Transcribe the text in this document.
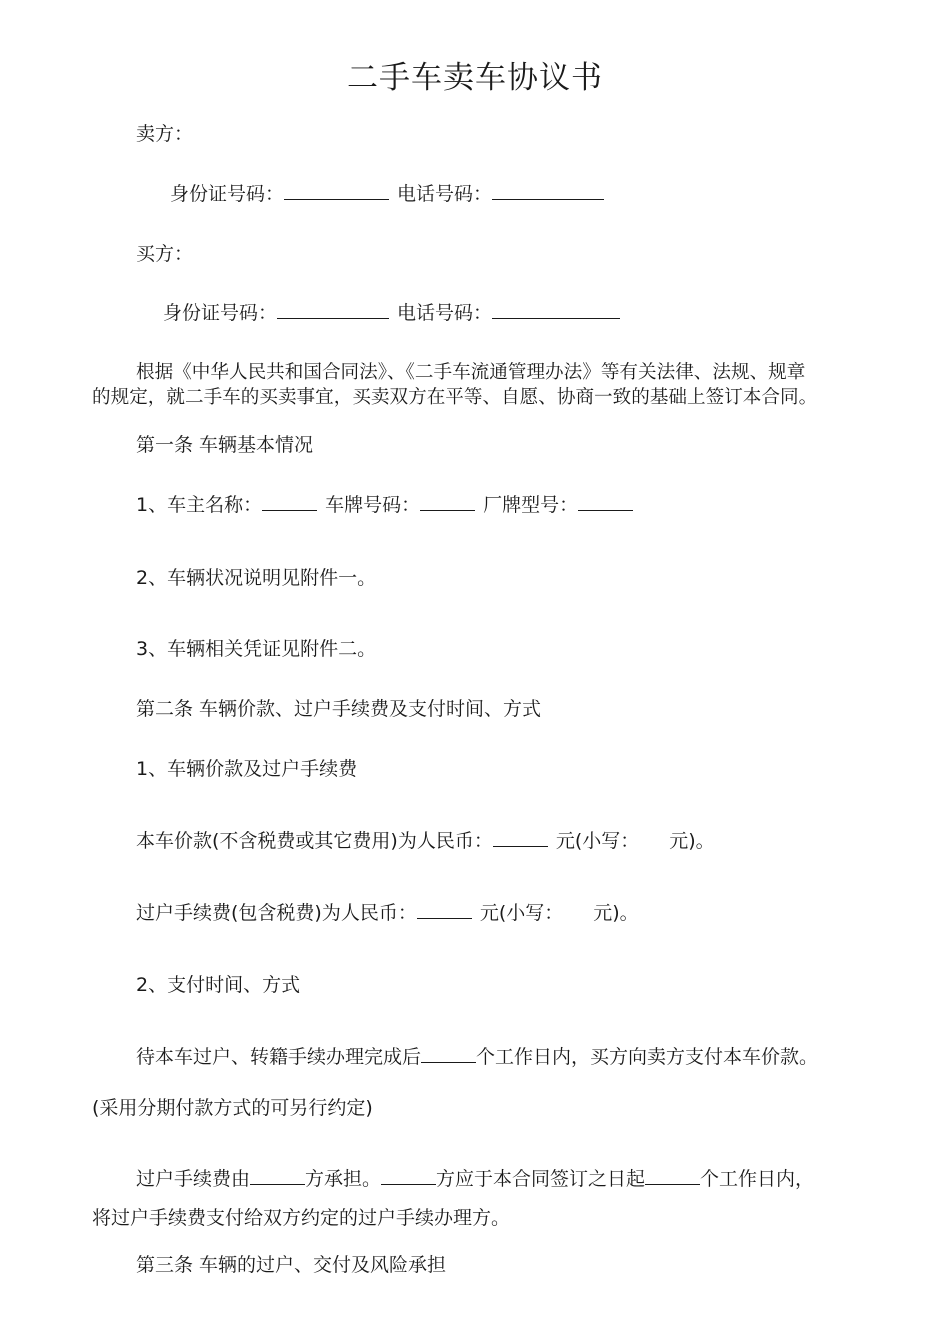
二手车卖车协议书
卖方：
身份证号码：	电话号码：
买方：
身份证号码：	电话号码：
根据《中华人民共和国合同法》、《二手车流通管理办法》等有关法律、法规、规章
的规定，就二手车的买卖事宜，买卖双方在平等、自愿、协商一致的基础上签订本合同。
第一条 车辆基本情况
1、车主名称：	车牌号码：	厂牌型号：
2、车辆状况说明见附件一。
3、车辆相关凭证见附件二。
第二条 车辆价款、过户手续费及支付时间、方式
1、车辆价款及过户手续费
本车价款(不含税费或其它费用)为人民币：	元(小写： 元)。
过户手续费(包含税费)为人民币：	元(小写： 元)。
2、支付时间、方式
待本车过户、转籍手续办理完成后	个工作日内，买方向卖方支付本车价款。
(采用分期付款方式的可另行约定)
过户手续费由	方承担。	方应于本合同签订之日起	个工作日内，
将过户手续费支付给双方约定的过户手续办理方。
第三条 车辆的过户、交付及风险承担
